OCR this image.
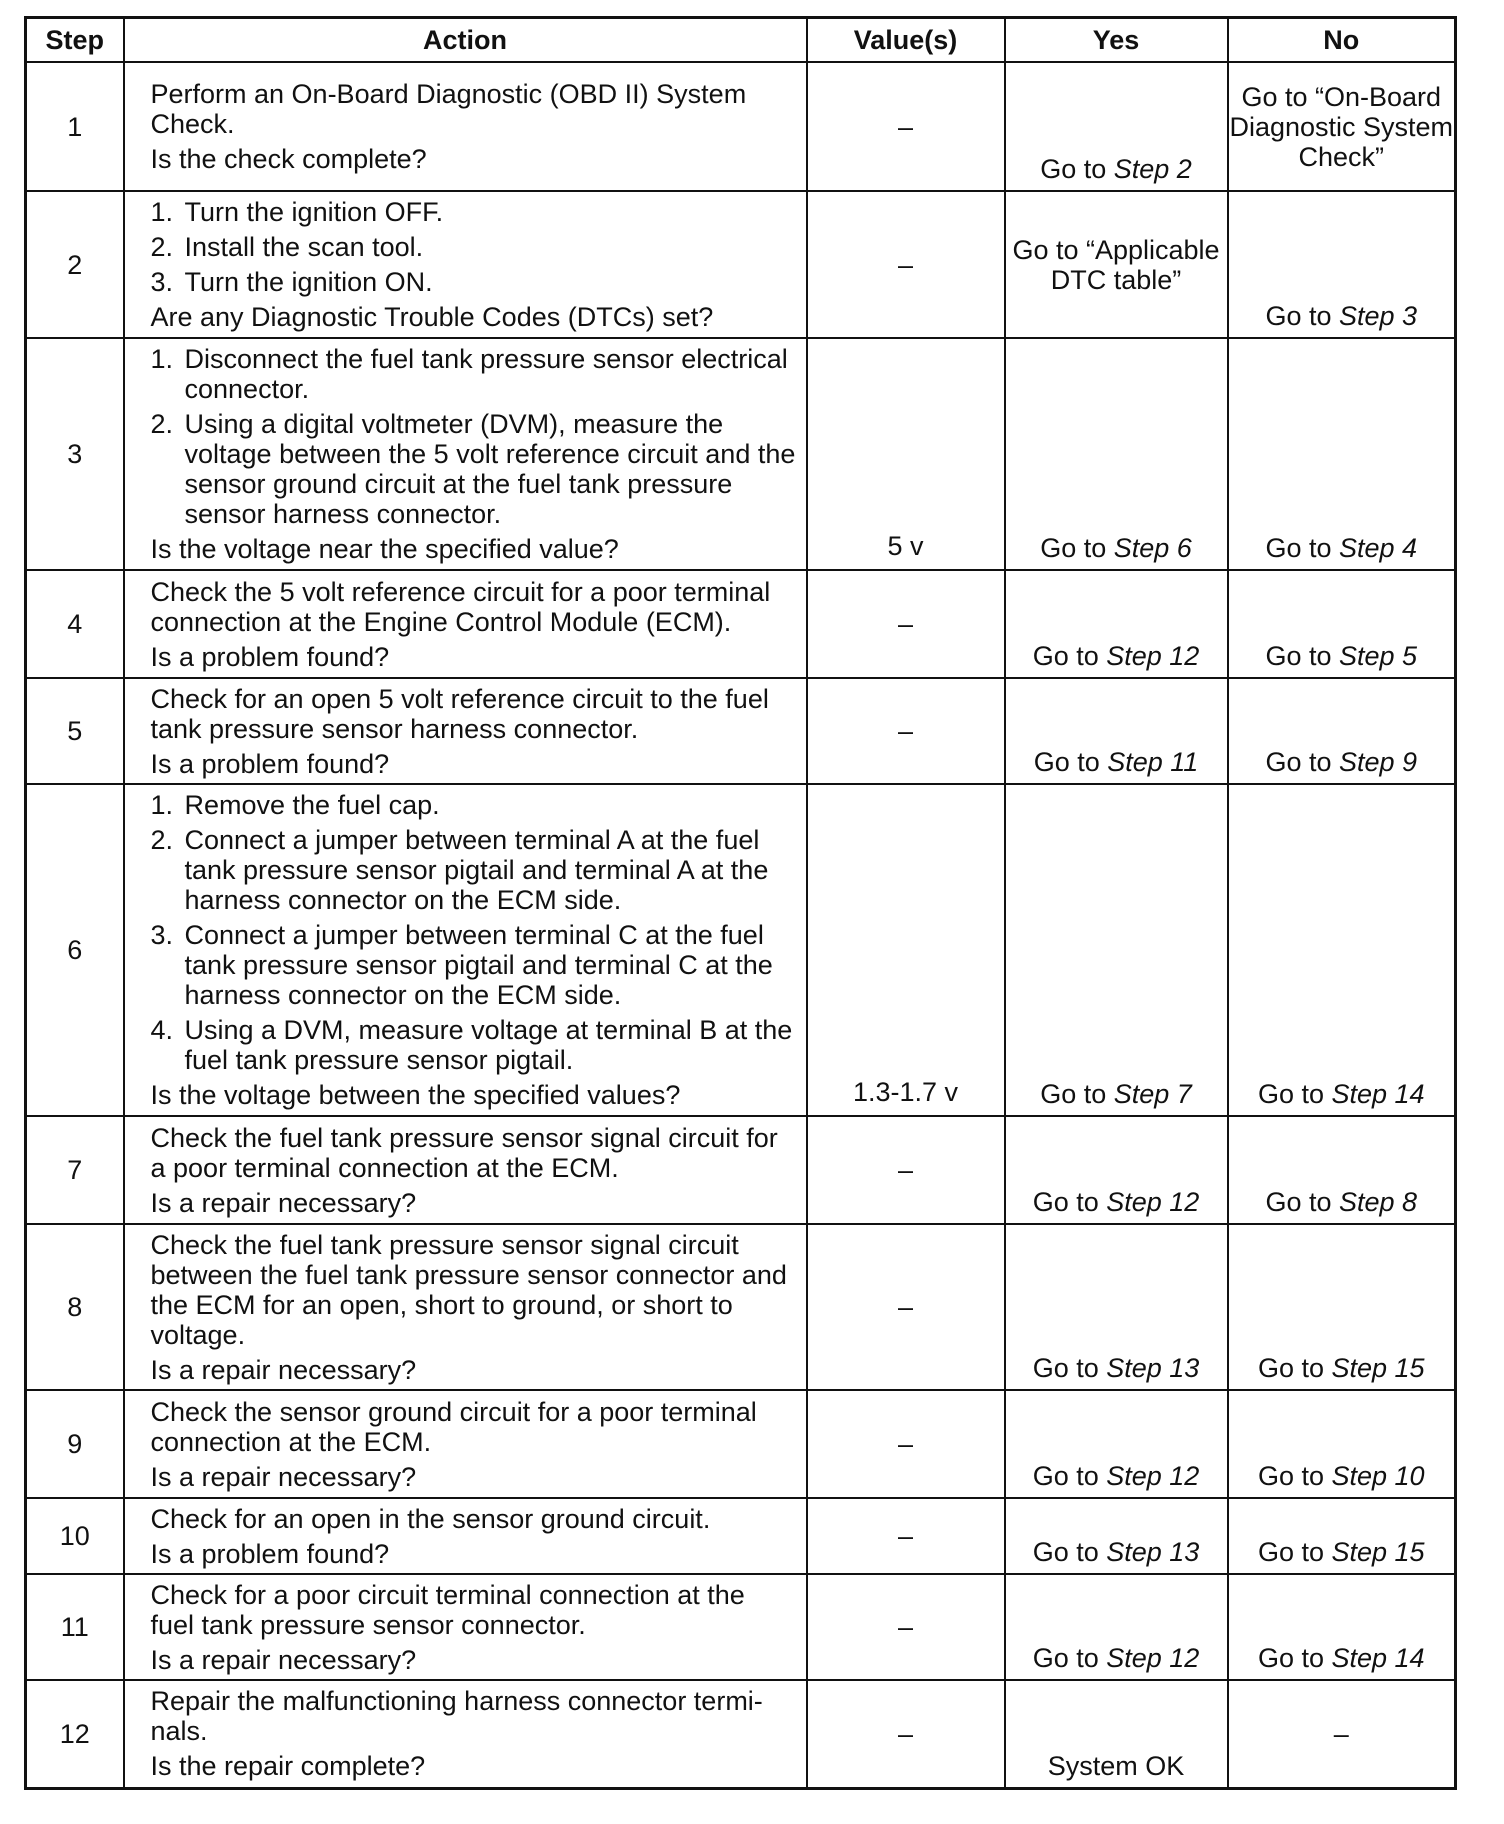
Step	Action	Value(s)	Yes	No
1	Perform an On-Board Diagnostic (OBD II) System Check.
Is the check complete?	–	Go to Step 2	Go to “On-Board Diagnostic System Check”
2	1. Turn the ignition OFF.
2. Install the scan tool.
3. Turn the ignition ON.
Are any Diagnostic Trouble Codes (DTCs) set?	–	Go to “Applicable DTC table”	Go to Step 3
3	1. Disconnect the fuel tank pressure sensor electrical connector.
2. Using a digital voltmeter (DVM), measure the voltage between the 5 volt reference circuit and the sensor ground circuit at the fuel tank pressure sensor harness connector.
Is the voltage near the specified value?	5 v	Go to Step 6	Go to Step 4
4	Check the 5 volt reference circuit for a poor terminal connection at the Engine Control Module (ECM).
Is a problem found?	–	Go to Step 12	Go to Step 5
5	Check for an open 5 volt reference circuit to the fuel tank pressure sensor harness connector.
Is a problem found?	–	Go to Step 11	Go to Step 9
6	1. Remove the fuel cap.
2. Connect a jumper between terminal A at the fuel tank pressure sensor pigtail and terminal A at the harness connector on the ECM side.
3. Connect a jumper between terminal C at the fuel tank pressure sensor pigtail and terminal C at the harness connector on the ECM side.
4. Using a DVM, measure voltage at terminal B at the fuel tank pressure sensor pigtail.
Is the voltage between the specified values?	1.3-1.7 v	Go to Step 7	Go to Step 14
7	Check the fuel tank pressure sensor signal circuit for a poor terminal connection at the ECM.
Is a repair necessary?	–	Go to Step 12	Go to Step 8
8	Check the fuel tank pressure sensor signal circuit between the fuel tank pressure sensor connector and the ECM for an open, short to ground, or short to voltage.
Is a repair necessary?	–	Go to Step 13	Go to Step 15
9	Check the sensor ground circuit for a poor terminal connection at the ECM.
Is a repair necessary?	–	Go to Step 12	Go to Step 10
10	Check for an open in the sensor ground circuit.
Is a problem found?	–	Go to Step 13	Go to Step 15
11	Check for a poor circuit terminal connection at the fuel tank pressure sensor connector.
Is a repair necessary?	–	Go to Step 12	Go to Step 14
12	Repair the malfunctioning harness connector termi-nals.
Is the repair complete?	–	System OK	–
